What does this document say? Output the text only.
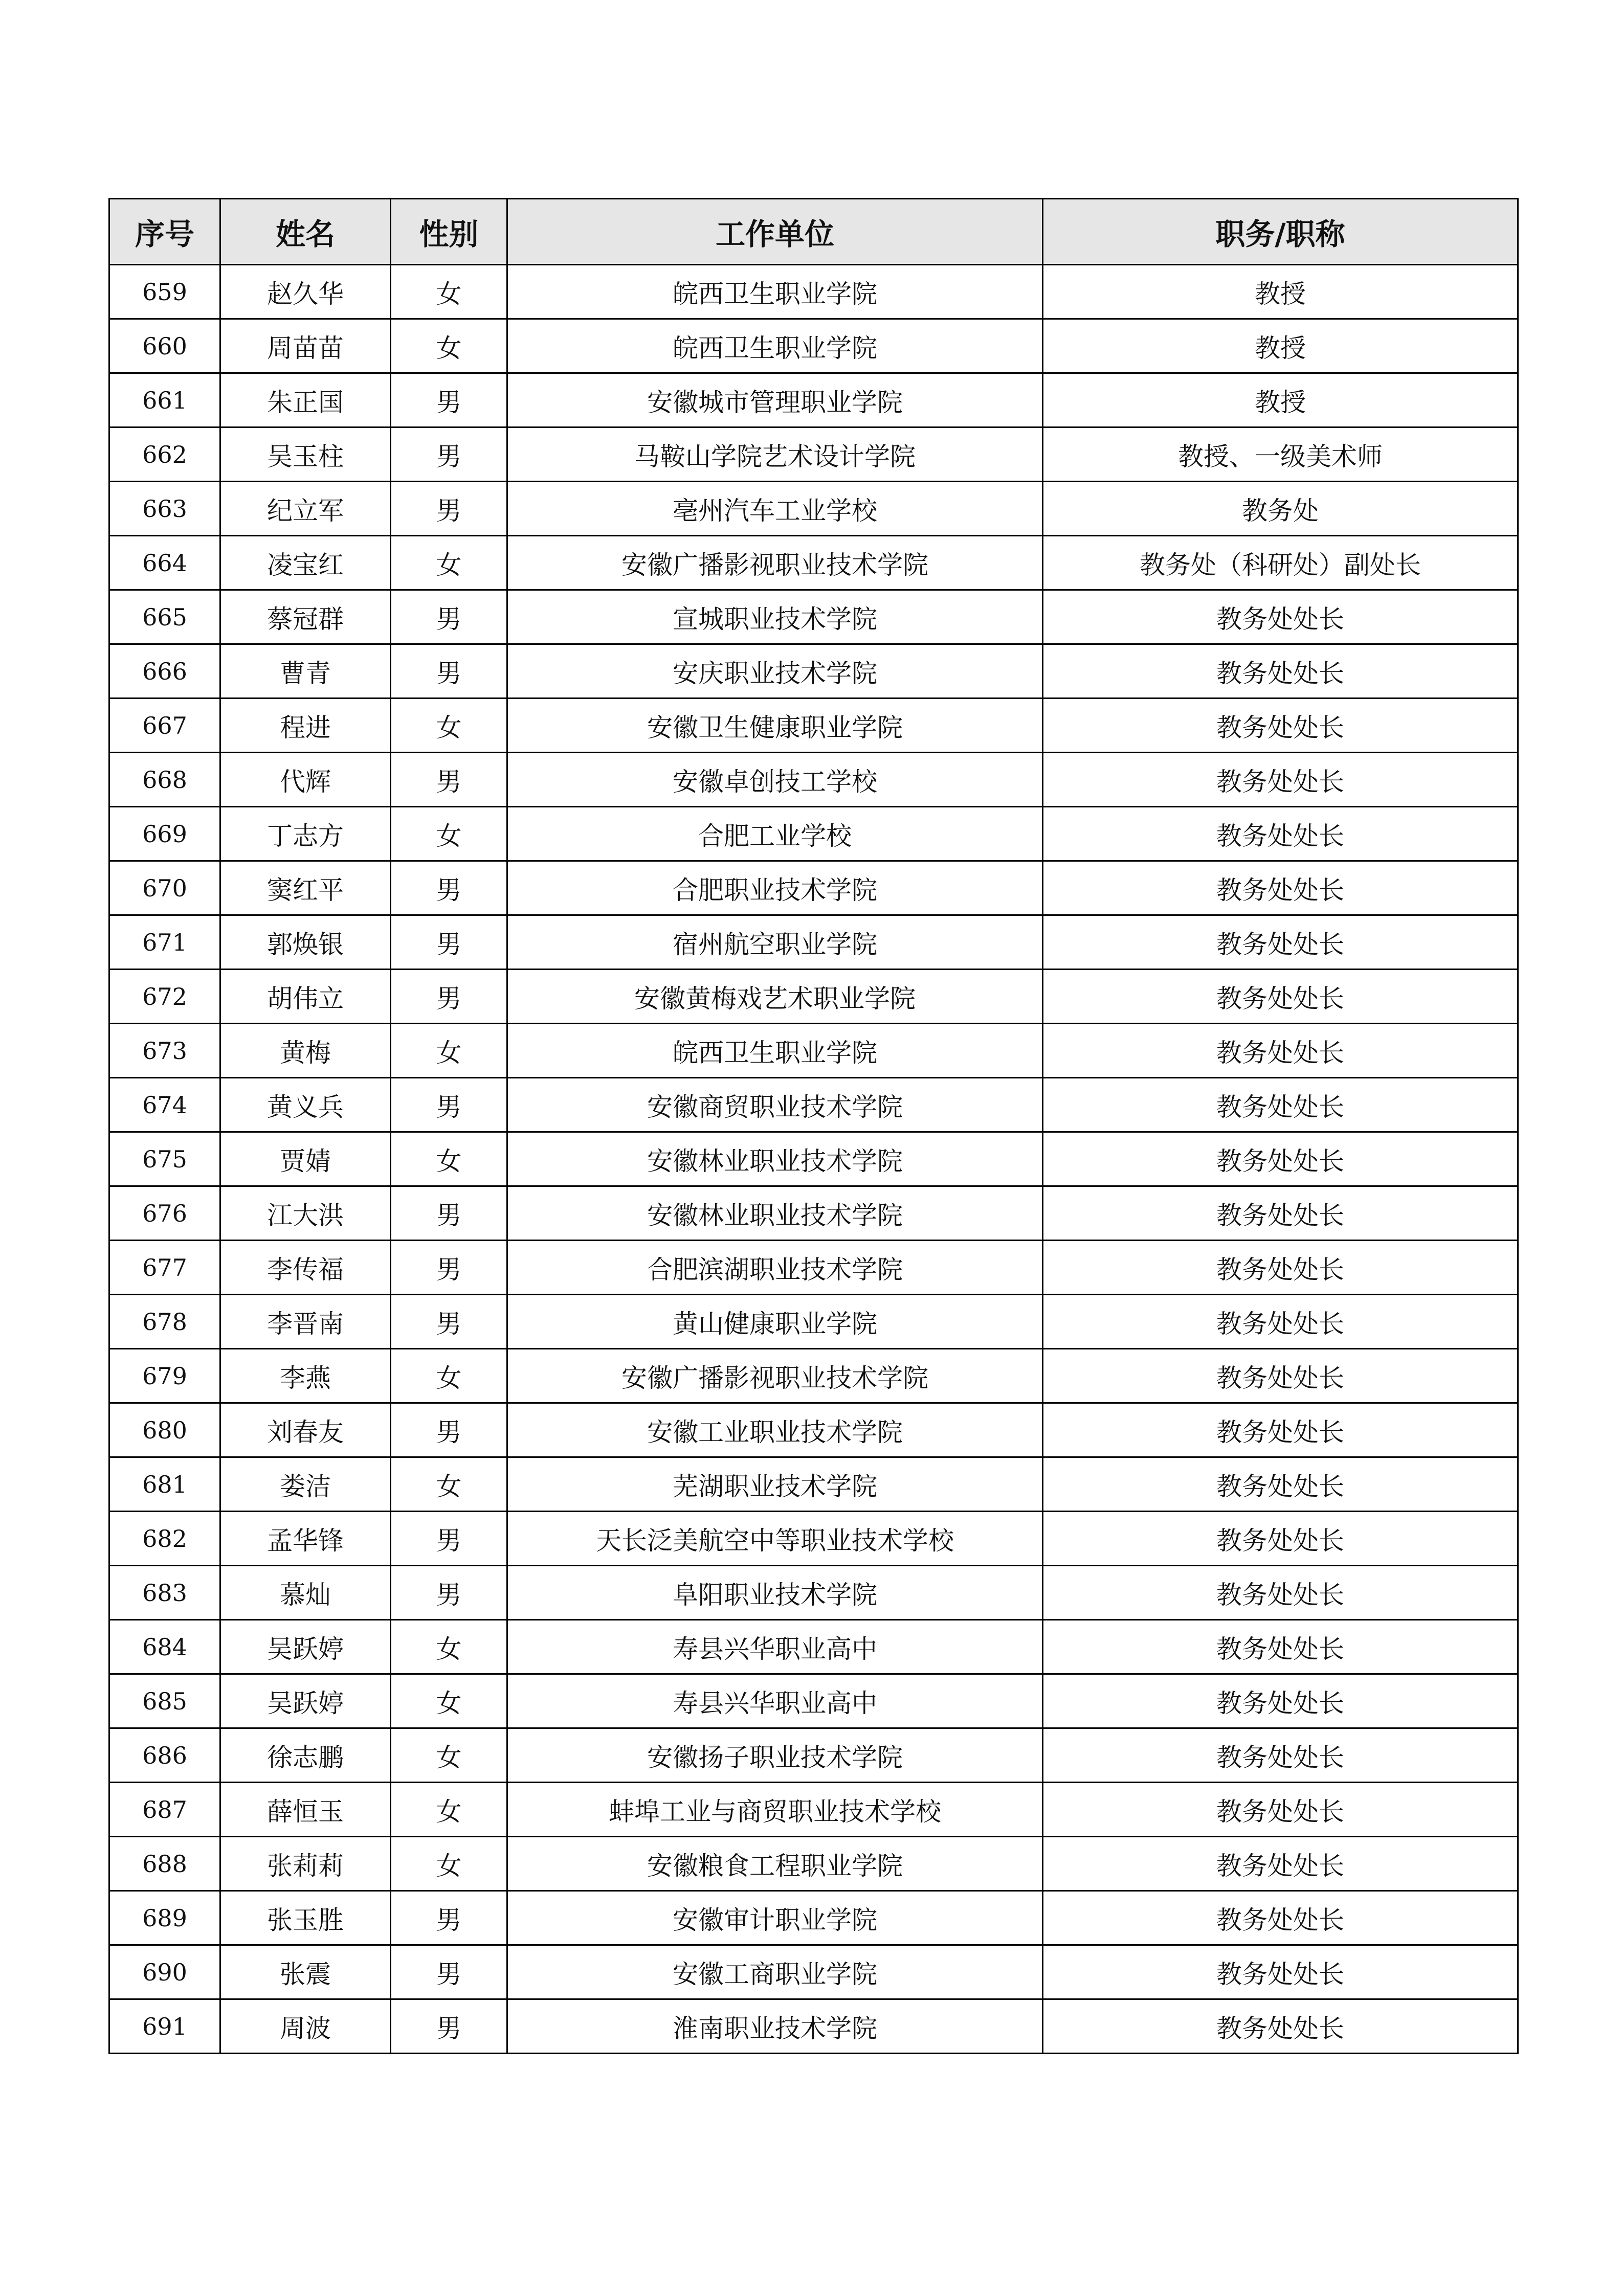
序号	姓名	性别	工作单位	职务/职称
659	赵久华	女	皖西卫生职业学院	教授
660	周苗苗	女	皖西卫生职业学院	教授
661	朱正国	男	安徽城市管理职业学院	教授
662	吴玉柱	男	马鞍山学院艺术设计学院	教授、一级美术师
663	纪立军	男	亳州汽车工业学校	教务处
664	凌宝红	女	安徽广播影视职业技术学院	教务处（科研处）副处长
665	蔡冠群	男	宣城职业技术学院	教务处处长
666	曹青	男	安庆职业技术学院	教务处处长
667	程进	女	安徽卫生健康职业学院	教务处处长
668	代辉	男	安徽卓创技工学校	教务处处长
669	丁志方	女	合肥工业学校	教务处处长
670	窦红平	男	合肥职业技术学院	教务处处长
671	郭焕银	男	宿州航空职业学院	教务处处长
672	胡伟立	男	安徽黄梅戏艺术职业学院	教务处处长
673	黄梅	女	皖西卫生职业学院	教务处处长
674	黄义兵	男	安徽商贸职业技术学院	教务处处长
675	贾婧	女	安徽林业职业技术学院	教务处处长
676	江大洪	男	安徽林业职业技术学院	教务处处长
677	李传福	男	合肥滨湖职业技术学院	教务处处长
678	李晋南	男	黄山健康职业学院	教务处处长
679	李燕	女	安徽广播影视职业技术学院	教务处处长
680	刘春友	男	安徽工业职业技术学院	教务处处长
681	娄洁	女	芜湖职业技术学院	教务处处长
682	孟华锋	男	天长泛美航空中等职业技术学校	教务处处长
683	慕灿	男	阜阳职业技术学院	教务处处长
684	吴跃婷	女	寿县兴华职业高中	教务处处长
685	吴跃婷	女	寿县兴华职业高中	教务处处长
686	徐志鹏	女	安徽扬子职业技术学院	教务处处长
687	薛恒玉	女	蚌埠工业与商贸职业技术学校	教务处处长
688	张莉莉	女	安徽粮食工程职业学院	教务处处长
689	张玉胜	男	安徽审计职业学院	教务处处长
690	张震	男	安徽工商职业学院	教务处处长
691	周波	男	淮南职业技术学院	教务处处长
